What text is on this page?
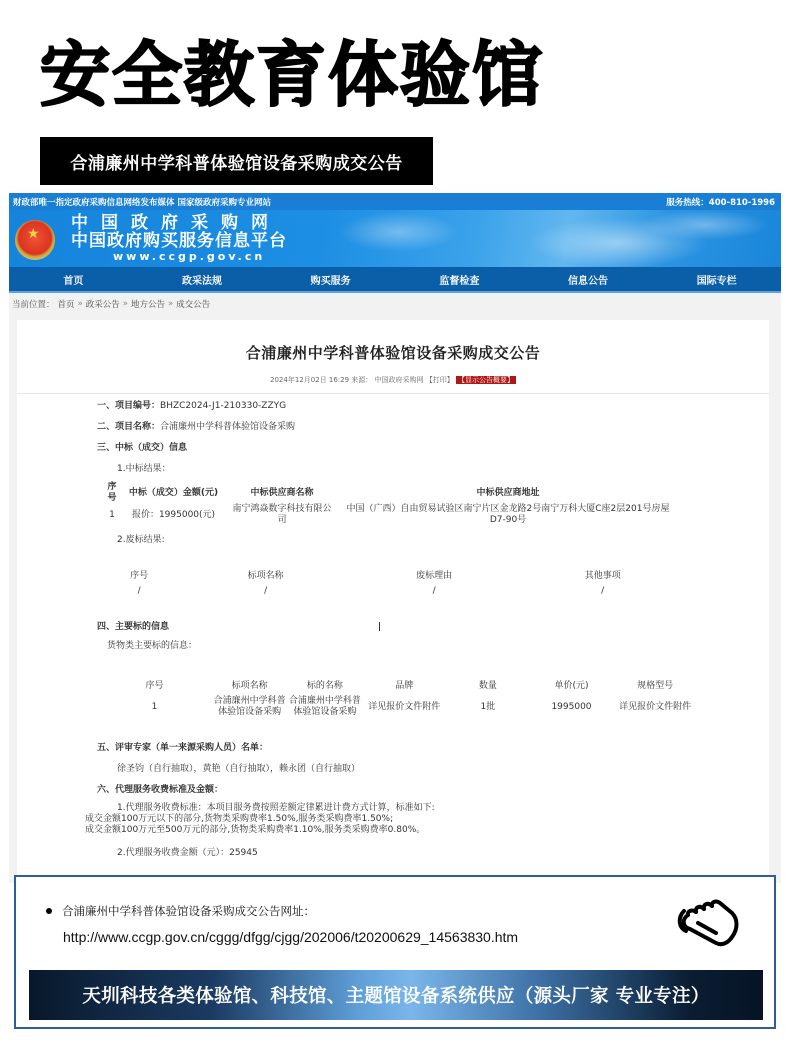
安全教育体验馆
合浦廉州中学科普体验馆设备采购成交公告
财政部唯一指定政府采购信息网络发布媒体 国家级政府采购专业网站	服务热线：400-810-1996
★
中国政府采购网
中国政府购买服务信息平台
www.ccgp.gov.cn
首页	政采法规	购买服务	监督检查	信息公告	国际专栏
当前位置： 首页 » 政采公告 » 地方公告 » 成交公告
合浦廉州中学科普体验馆设备采购成交公告
2024年12月02日 16:29 来源： 中国政府采购网 【打印】 【显示公告概要】
一、项目编号：BHZC2024-J1-210330-ZZYG
二、项目名称：合浦廉州中学科普体验馆设备采购
三、中标（成交）信息
1.中标结果：
序号	中标（成交）金额(元)	中标供应商名称	中标供应商地址
1	报价：1995000(元)	南宁鸿焱数字科技有限公司	中国（广西）自由贸易试验区南宁片区金龙路2号南宁万科大厦C座2层201号房屋D7-90号
2.废标结果:
序号	标项名称	废标理由	其他事项
/	/	/	/
四、主要标的信息
货物类主要标的信息：
序号	标项名称	标的名称	品牌	数量	单价(元)	规格型号
1	合浦廉州中学科普体验馆设备采购	合浦廉州中学科普体验馆设备采购	详见报价文件附件	1批	1995000	详见报价文件附件
五、评审专家（单一来源采购人员）名单：
徐圣钧（自行抽取），黄艳（自行抽取），赖永团（自行抽取）
六、代理服务收费标准及金额：
1.代理服务收费标准：本项目服务费按照差额定律累进计费方式计算，标准如下:
成交金额100万元以下的部分,货物类采购费率1.50%,服务类采购费率1.50%;
成交金额100万元至500万元的部分,货物类采购费率1.10%,服务类采购费率0.80%。
2.代理服务收费金额（元）：25945
合浦廉州中学科普体验馆设备采购成交公告网址：
http://www.ccgp.gov.cn/cggg/dfgg/cjgg/202006/t20200629_14563830.htm
天圳科技各类体验馆、科技馆、主题馆设备系统供应（源头厂家 专业专注）
